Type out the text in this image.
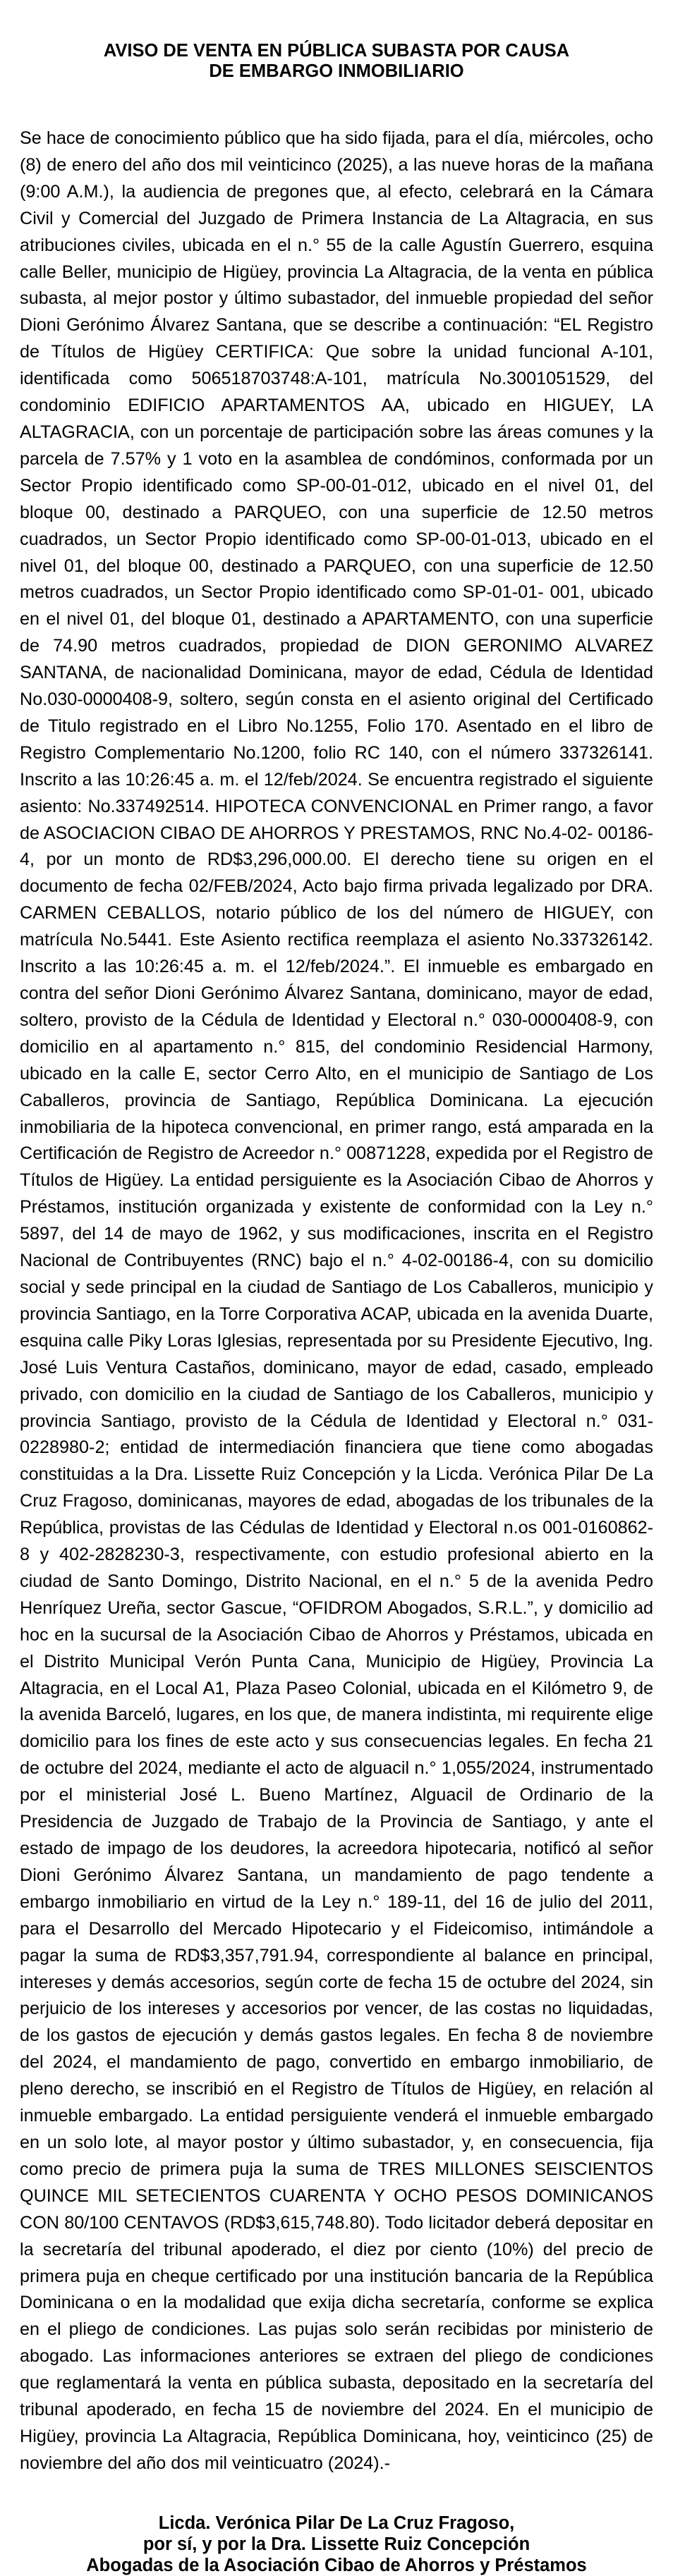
AVISO DE VENTA EN PÚBLICA SUBASTA POR CAUSA
DE EMBARGO INMOBILIARIO

Se hace de conocimiento público que ha sido fijada, para el día, miércoles, ocho (8) de enero del año dos mil veinticinco (2025), a las nueve horas de la mañana (9:00 A.M.), la audiencia de pregones que, al efecto, celebrará en la Cámara Civil y Comercial del Juzgado de Primera Instancia de La Altagracia, en sus atribuciones civiles, ubicada en el n.° 55 de la calle Agustín Guerrero, esquina calle Beller, municipio de Higüey, provincia La Altagracia, de la venta en pública subasta, al mejor postor y último subastador, del inmueble propiedad del señor Dioni Gerónimo Álvarez Santana, que se describe a continuación: “EL Registro de Títulos de Higüey CERTIFICA: Que sobre la unidad funcional A-101, identificada como 506518703748:A-101, matrícula No.3001051529, del condominio EDIFICIO APARTAMENTOS AA, ubicado en HIGUEY, LA ALTAGRACIA, con un porcentaje de participación sobre las áreas comunes y la parcela de 7.57% y 1 voto en la asamblea de condóminos, conformada por un Sector Propio identificado como SP-00-01-012, ubicado en el nivel 01, del bloque 00, destinado a PARQUEO, con una superficie de 12.50 metros cuadrados, un Sector Propio identificado como SP-00-01-013, ubicado en el nivel 01, del bloque 00, destinado a PARQUEO, con una superficie de 12.50 metros cuadrados, un Sector Propio identificado como SP-01-01- 001, ubicado en el nivel 01, del bloque 01, destinado a APARTAMENTO, con una superficie de 74.90 metros cuadrados, propiedad de DION GERONIMO ALVAREZ SANTANA, de nacionalidad Dominicana, mayor de edad, Cédula de Identidad No.030-0000408-9, soltero, según consta en el asiento original del Certificado de Titulo registrado en el Libro No.1255, Folio 170. Asentado en el libro de Registro Complementario No.1200, folio RC 140, con el número 337326141. Inscrito a las 10:26:45 a. m. el 12/feb/2024. Se encuentra registrado el siguiente asiento: No.337492514. HIPOTECA CONVENCIONAL en Primer rango, a favor de ASOCIACION CIBAO DE AHORROS Y PRESTAMOS, RNC No.4-02- 00186-4, por un monto de RD$3,296,000.00. El derecho tiene su origen en el documento de fecha 02/FEB/2024, Acto bajo firma privada legalizado por DRA. CARMEN CEBALLOS, notario público de los del número de HIGUEY, con matrícula No.5441. Este Asiento rectifica reemplaza el asiento No.337326142. Inscrito a las 10:26:45 a. m. el 12/feb/2024.”. El inmueble es embargado en contra del señor Dioni Gerónimo Álvarez Santana, dominicano, mayor de edad, soltero, provisto de la Cédula de Identidad y Electoral n.° 030-0000408-9, con domicilio en al apartamento n.° 815, del condominio Residencial Harmony, ubicado en la calle E, sector Cerro Alto, en el municipio de Santiago de Los Caballeros, provincia de Santiago, República Dominicana. La ejecución inmobiliaria de la hipoteca convencional, en primer rango, está amparada en la Certificación de Registro de Acreedor n.° 00871228, expedida por el Registro de Títulos de Higüey. La entidad persiguiente es la Asociación Cibao de Ahorros y Préstamos, institución organizada y existente de conformidad con la Ley n.° 5897, del 14 de mayo de 1962, y sus modificaciones, inscrita en el Registro Nacional de Contribuyentes (RNC) bajo el n.° 4-02-00186-4, con su domicilio social y sede principal en la ciudad de Santiago de Los Caballeros, municipio y provincia Santiago, en la Torre Corporativa ACAP, ubicada en la avenida Duarte, esquina calle Piky Loras Iglesias, representada por su Presidente Ejecutivo, Ing. José Luis Ventura Castaños, dominicano, mayor de edad, casado, empleado privado, con domicilio en la ciudad de Santiago de los Caballeros, municipio y provincia Santiago, provisto de la Cédula de Identidad y Electoral n.° 031-0228980-2; entidad de intermediación financiera que tiene como abogadas constituidas a la Dra. Lissette Ruiz Concepción y la Licda. Verónica Pilar De La Cruz Fragoso, dominicanas, mayores de edad, abogadas de los tribunales de la República, provistas de las Cédulas de Identidad y Electoral n.os 001-0160862-8 y 402-2828230-3, respectivamente, con estudio profesional abierto en la ciudad de Santo Domingo, Distrito Nacional, en el n.° 5 de la avenida Pedro Henríquez Ureña, sector Gascue, “OFIDROM Abogados, S.R.L.”, y domicilio ad hoc en la sucursal de la Asociación Cibao de Ahorros y Préstamos, ubicada en el Distrito Municipal Verón Punta Cana, Municipio de Higüey, Provincia La Altagracia, en el Local A1, Plaza Paseo Colonial, ubicada en el Kilómetro 9, de la avenida Barceló, lugares, en los que, de manera indistinta, mi requirente elige domicilio para los fines de este acto y sus consecuencias legales. En fecha 21 de octubre del 2024, mediante el acto de alguacil n.° 1,055/2024, instrumentado por el ministerial José L. Bueno Martínez, Alguacil de Ordinario de la Presidencia de Juzgado de Trabajo de la Provincia de Santiago, y ante el estado de impago de los deudores, la acreedora hipotecaria, notificó al señor Dioni Gerónimo Álvarez Santana, un mandamiento de pago tendente a embargo inmobiliario en virtud de la Ley n.° 189-11, del 16 de julio del 2011, para el Desarrollo del Mercado Hipotecario y el Fideicomiso, intimándole a pagar la suma de RD$3,357,791.94, correspondiente al balance en principal, intereses y demás accesorios, según corte de fecha 15 de octubre del 2024, sin perjuicio de los intereses y accesorios por vencer, de las costas no liquidadas, de los gastos de ejecución y demás gastos legales. En fecha 8 de noviembre del 2024, el mandamiento de pago, convertido en embargo inmobiliario, de pleno derecho, se inscribió en el Registro de Títulos de Higüey, en relación al inmueble embargado. La entidad persiguiente venderá el inmueble embargado en un solo lote, al mayor postor y último subastador, y, en consecuencia, fija como precio de primera puja la suma de TRES MILLONES SEISCIENTOS QUINCE MIL SETECIENTOS CUARENTA Y OCHO PESOS DOMINICANOS CON 80/100 CENTAVOS (RD$3,615,748.80). Todo licitador deberá depositar en la secretaría del tribunal apoderado, el diez por ciento (10%) del precio de primera puja en cheque certificado por una institución bancaria de la República Dominicana o en la modalidad que exija dicha secretaría, conforme se explica en el pliego de condiciones. Las pujas solo serán recibidas por ministerio de abogado. Las informaciones anteriores se extraen del pliego de condiciones que reglamentará la venta en pública subasta, depositado en la secretaría del tribunal apoderado, en fecha 15 de noviembre del 2024. En el municipio de Higüey, provincia La Altagracia, República Dominicana, hoy, veinticinco (25) de noviembre del año dos mil veinticuatro (2024).-

Licda. Verónica Pilar De La Cruz Fragoso,
por sí, y por la Dra. Lissette Ruiz Concepción
Abogadas de la Asociación Cibao de Ahorros y Préstamos
